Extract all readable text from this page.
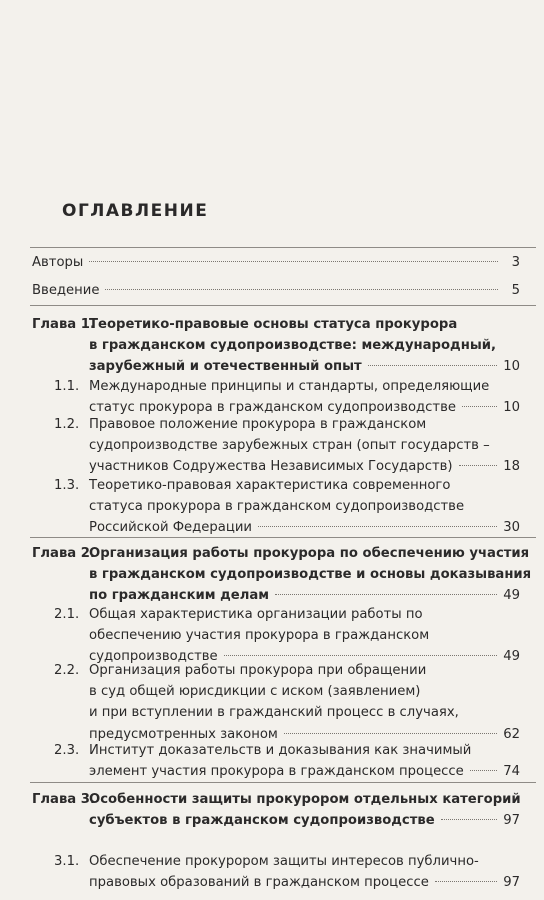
ОГЛАВЛЕНИЕ
Авторы	3
Введение	5
Глава 1.
Теоретико-правовые основы статуса прокурора
в гражданском судопроизводстве: международный,
зарубежный и отечественный опыт	10
1.1. Международные принципы и стандарты, определяющие
статус прокурора в гражданском судопроизводстве	10
1.2. Правовое положение прокурора в гражданском
судопроизводстве зарубежных стран (опыт государств –
участников Содружества Независимых Государств)	18
1.3. Теоретико-правовая характеристика современного
статуса прокурора в гражданском судопроизводстве
Российской Федерации	30
Глава 2.
Организация работы прокурора по обеспечению участия
в гражданском судопроизводстве и основы доказывания
по гражданским делам	49
2.1. Общая характеристика организации работы по
обеспечению участия прокурора в гражданском
судопроизводстве	49
2.2. Организация работы прокурора при обращении
в суд общей юрисдикции с иском (заявлением)
и при вступлении в гражданский процесс в случаях,
предусмотренных законом	62
2.3. Институт доказательств и доказывания как значимый
элемент участия прокурора в гражданском процессе	74
Глава 3.
Особенности защиты прокурором отдельных категорий
субъектов в гражданском судопроизводстве	97
3.1. Обеспечение прокурором защиты интересов публично-
правовых образований в гражданском процессе	97
